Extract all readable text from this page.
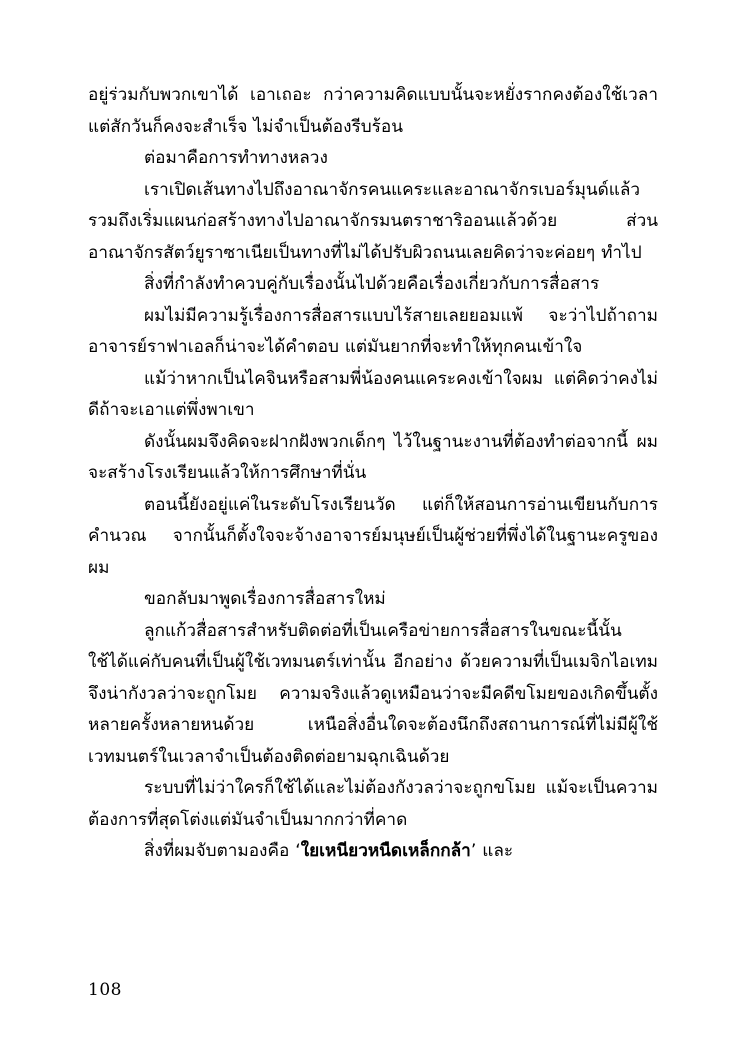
อยู่ร่วมกับพวกเขาได้ เอาเถอะ กว่าความคิดแบบนั้นจะหยั่งรากคงต้องใช้เวลา แต่สักวันก็คงจะสำเร็จ ไม่จำเป็นต้องรีบร้อน

ต่อมาคือการทำทางหลวง

เราเปิดเส้นทางไปถึงอาณาจักรคนแคระและอาณาจักรเบอร์มุนด์แล้ว รวมถึงเริ่มแผนก่อสร้างทางไปอาณาจักรมนตราชาริออนแล้วด้วย ส่วนอาณาจักรสัตว์ยูราซาเนียเป็นทางที่ไม่ได้ปรับผิวถนนเลยคิดว่าจะค่อยๆ ทำไป

สิ่งที่กำลังทำควบคู่กับเรื่องนั้นไปด้วยคือเรื่องเกี่ยวกับการสื่อสาร

ผมไม่มีความรู้เรื่องการสื่อสารแบบไร้สายเลยยอมแพ้ จะว่าไปถ้าถามอาจารย์ราฟาเอลก็น่าจะได้คำตอบ แต่มันยากที่จะทำให้ทุกคนเข้าใจ

แม้ว่าหากเป็นไคจินหรือสามพี่น้องคนแคระคงเข้าใจผม แต่คิดว่าคงไม่ดีถ้าจะเอาแต่พึ่งพาเขา

ดังนั้นผมจึงคิดจะฝากฝังพวกเด็กๆ ไว้ในฐานะงานที่ต้องทำต่อจากนี้ ผมจะสร้างโรงเรียนแล้วให้การศึกษาที่นั่น

ตอนนี้ยังอยู่แค่ในระดับโรงเรียนวัด แต่ก็ให้สอนการอ่านเขียนกับการคำนวณ จากนั้นก็ตั้งใจจะจ้างอาจารย์มนุษย์เป็นผู้ช่วยที่พึ่งได้ในฐานะครูของผม

ขอกลับมาพูดเรื่องการสื่อสารใหม่

ลูกแก้วสื่อสารสำหรับติดต่อที่เป็นเครือข่ายการสื่อสารในขณะนี้นั้นใช้ได้แค่กับคนที่เป็นผู้ใช้เวทมนตร์เท่านั้น อีกอย่าง ด้วยความที่เป็นเมจิกไอเทมจึงน่ากังวลว่าจะถูกโมย ความจริงแล้วดูเหมือนว่าจะมีคดีขโมยของเกิดขึ้นตั้งหลายครั้งหลายหนด้วย เหนือสิ่งอื่นใดจะต้องนึกถึงสถานการณ์ที่ไม่มีผู้ใช้เวทมนตร์ในเวลาจำเป็นต้องติดต่อยามฉุกเฉินด้วย

ระบบที่ไม่ว่าใครก็ใช้ได้และไม่ต้องกังวลว่าจะถูกขโมย แม้จะเป็นความต้องการที่สุดโต่งแต่มันจำเป็นมากกว่าที่คาด

สิ่งที่ผมจับตามองคือ ‘ใยเหนียวหนืดเหล็กกล้า’ และ

108
